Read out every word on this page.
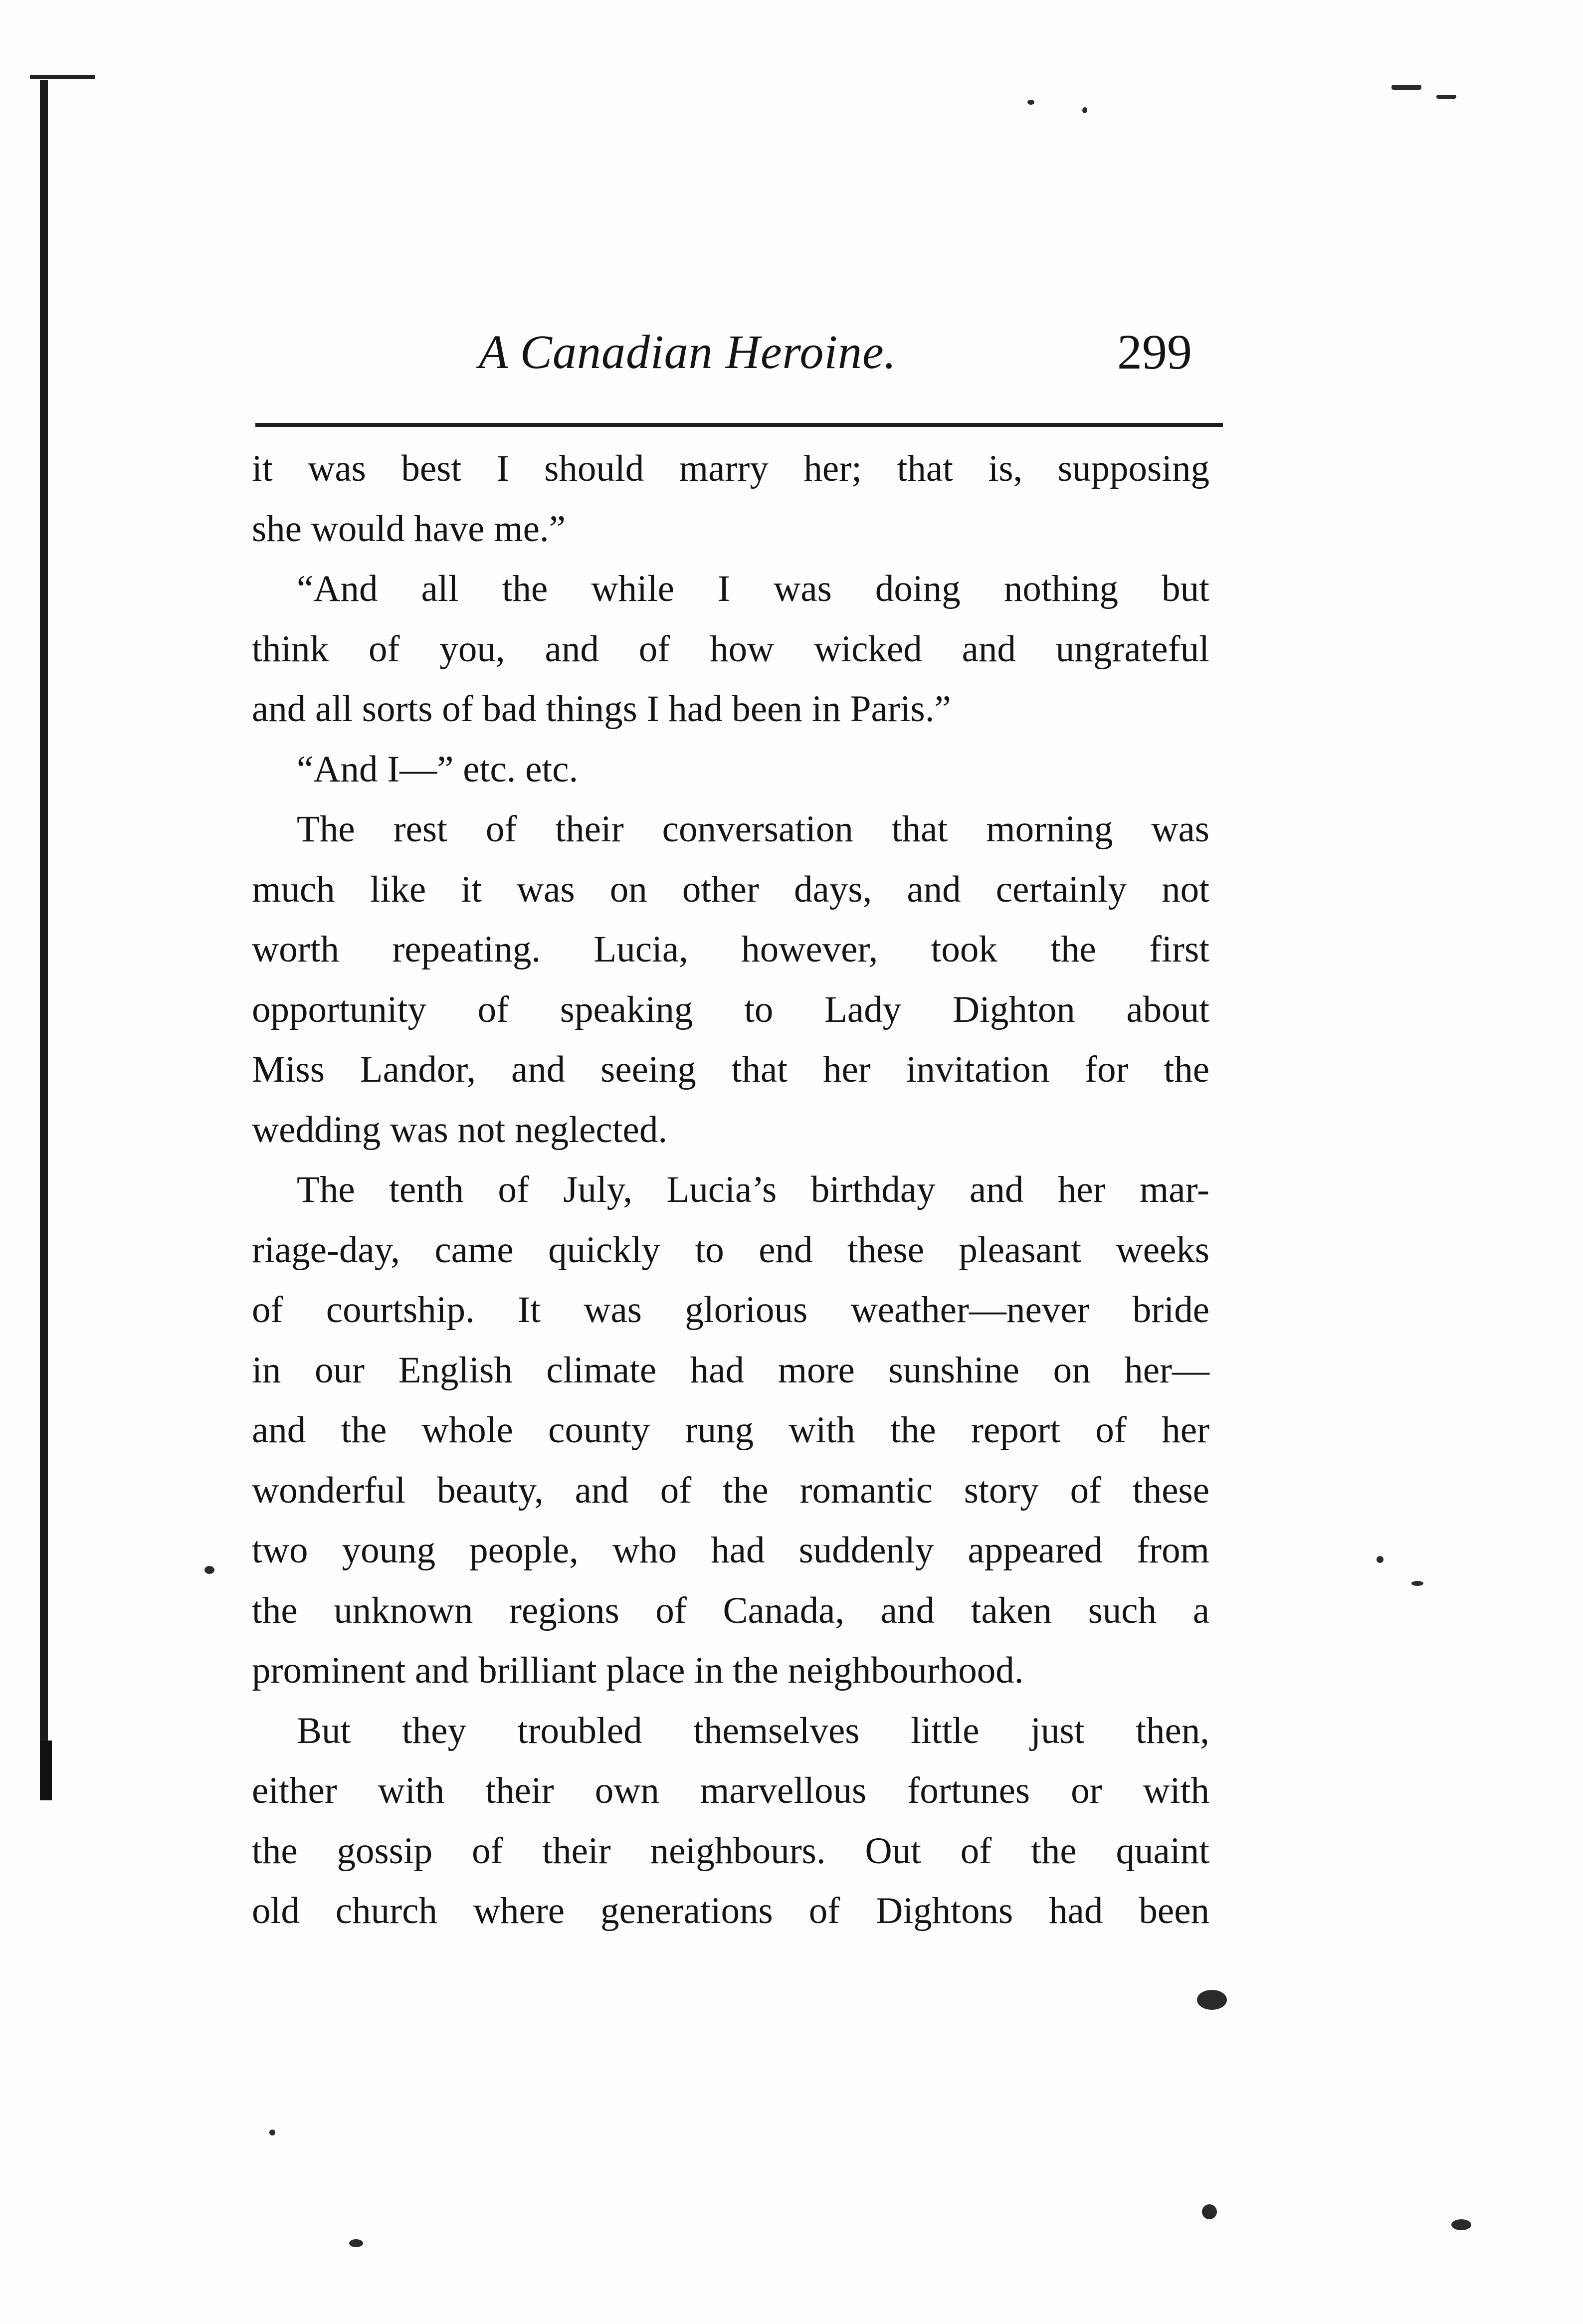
A Canadian Heroine.	299
it was best I should marry her; that is, supposing
she would have me.”
“And all the while I was doing nothing but
think of you, and of how wicked and ungrateful
and all sorts of bad things I had been in Paris.”
“And I—” etc. etc.
The rest of their conversation that morning was
much like it was on other days, and certainly not
worth repeating. Lucia, however, took the first
opportunity of speaking to Lady Dighton about
Miss Landor, and seeing that her invitation for the
wedding was not neglected.
The tenth of July, Lucia’s birthday and her mar-
riage-day, came quickly to end these pleasant weeks
of courtship. It was glorious weather—never bride
in our English climate had more sunshine on her—
and the whole county rung with the report of her
wonderful beauty, and of the romantic story of these
two young people, who had suddenly appeared from
the unknown regions of Canada, and taken such a
prominent and brilliant place in the neighbourhood.
But they troubled themselves little just then,
either with their own marvellous fortunes or with
the gossip of their neighbours. Out of the quaint
old church where generations of Dightons had been
